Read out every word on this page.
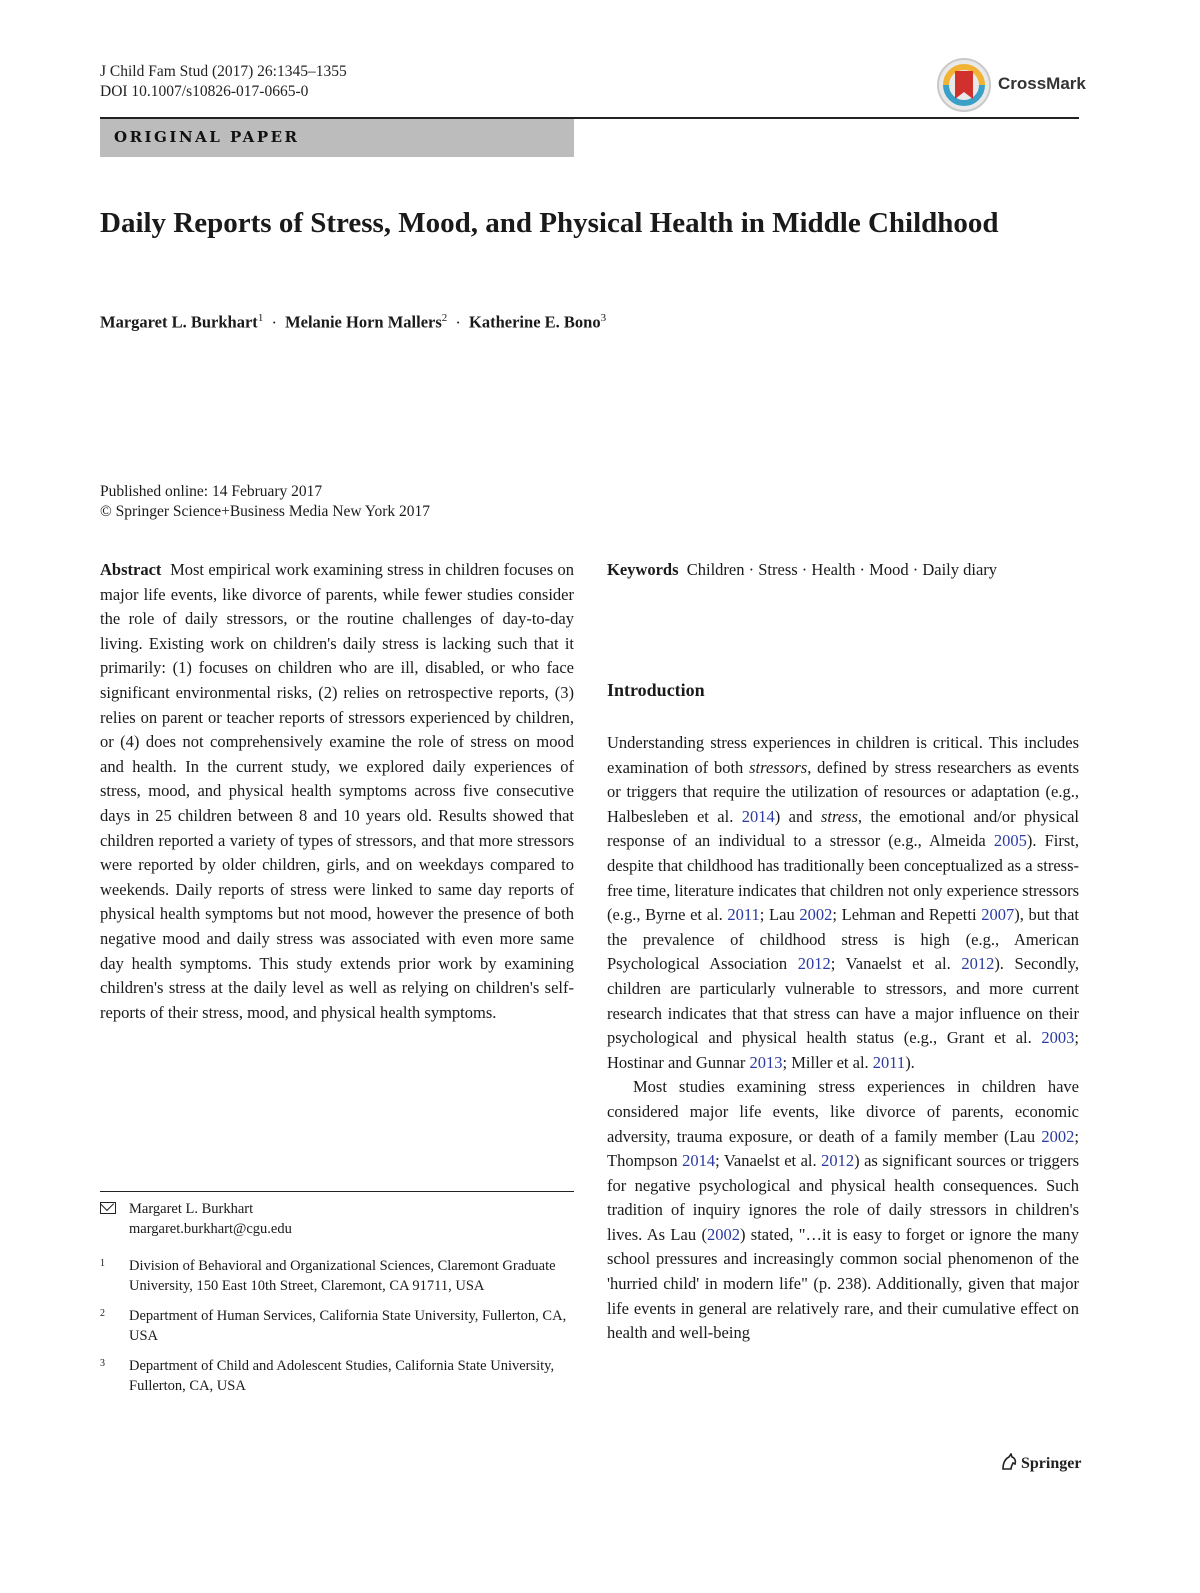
J Child Fam Stud (2017) 26:1345–1355
DOI 10.1007/s10826-017-0665-0	CrossMark
ORIGINAL PAPER
Daily Reports of Stress, Mood, and Physical Health in Middle Childhood
Margaret L. Burkhart$^1$ · Melanie Horn Mallers$^2$ · Katherine E. Bono$^3$
Published online: 14 February 2017
© Springer Science+Business Media New York 2017
Abstract Most empirical work examining stress in children focuses on major life events, like divorce of parents, while fewer studies consider the role of daily stressors, or the routine challenges of day-to-day living. Existing work on children's daily stress is lacking such that it primarily: (1) focuses on children who are ill, disabled, or who face significant environmental risks, (2) relies on retrospective reports, (3) relies on parent or teacher reports of stressors experienced by children, or (4) does not comprehensively examine the role of stress on mood and health. In the current study, we explored daily experiences of stress, mood, and physical health symptoms across five consecutive days in 25 children between 8 and 10 years old. Results showed that children reported a variety of types of stressors, and that more stressors were reported by older children, girls, and on weekdays compared to weekends. Daily reports of stress were linked to same day reports of physical health symptoms but not mood, however the presence of both negative mood and daily stress was associated with even more same day health symptoms. This study extends prior work by examining children's stress at the daily level as well as relying on children's self-reports of their stress, mood, and physical health symptoms.
Keywords Children · Stress · Health · Mood · Daily diary
Introduction

Understanding stress experiences in children is critical. This includes examination of both stressors, defined by stress researchers as events or triggers that require the utilization of resources or adaptation (e.g., Halbesleben et al. 2014) and stress, the emotional and/or physical response of an individual to a stressor (e.g., Almeida 2005). First, despite that childhood has traditionally been conceptualized as a stress-free time, literature indicates that children not only experience stressors (e.g., Byrne et al. 2011; Lau 2002; Lehman and Repetti 2007), but that the prevalence of childhood stress is high (e.g., American Psychological Association 2012; Vanaelst et al. 2012). Secondly, children are particularly vulnerable to stressors, and more current research indicates that that stress can have a major influence on their psychological and physical health status (e.g., Grant et al. 2003; Hostinar and Gunnar 2013; Miller et al. 2011).

Most studies examining stress experiences in children have considered major life events, like divorce of parents, economic adversity, trauma exposure, or death of a family member (Lau 2002; Thompson 2014; Vanaelst et al. 2012) as significant sources or triggers for negative psychological and physical health consequences. Such tradition of inquiry ignores the role of daily stressors in children's lives. As Lau (2002) stated, "…it is easy to forget or ignore the many school pressures and increasingly common social phenomenon of the 'hurried child' in modern life" (p. 238). Additionally, given that major life events in general are relatively rare, and their cumulative effect on health and well-being

Margaret L. Burkhart
margaret.burkhart@cgu.edu
1 Division of Behavioral and Organizational Sciences, Claremont Graduate University, 150 East 10th Street, Claremont, CA 91711, USA
2 Department of Human Services, California State University, Fullerton, CA, USA
3 Department of Child and Adolescent Studies, California State University, Fullerton, CA, USA
Springer
